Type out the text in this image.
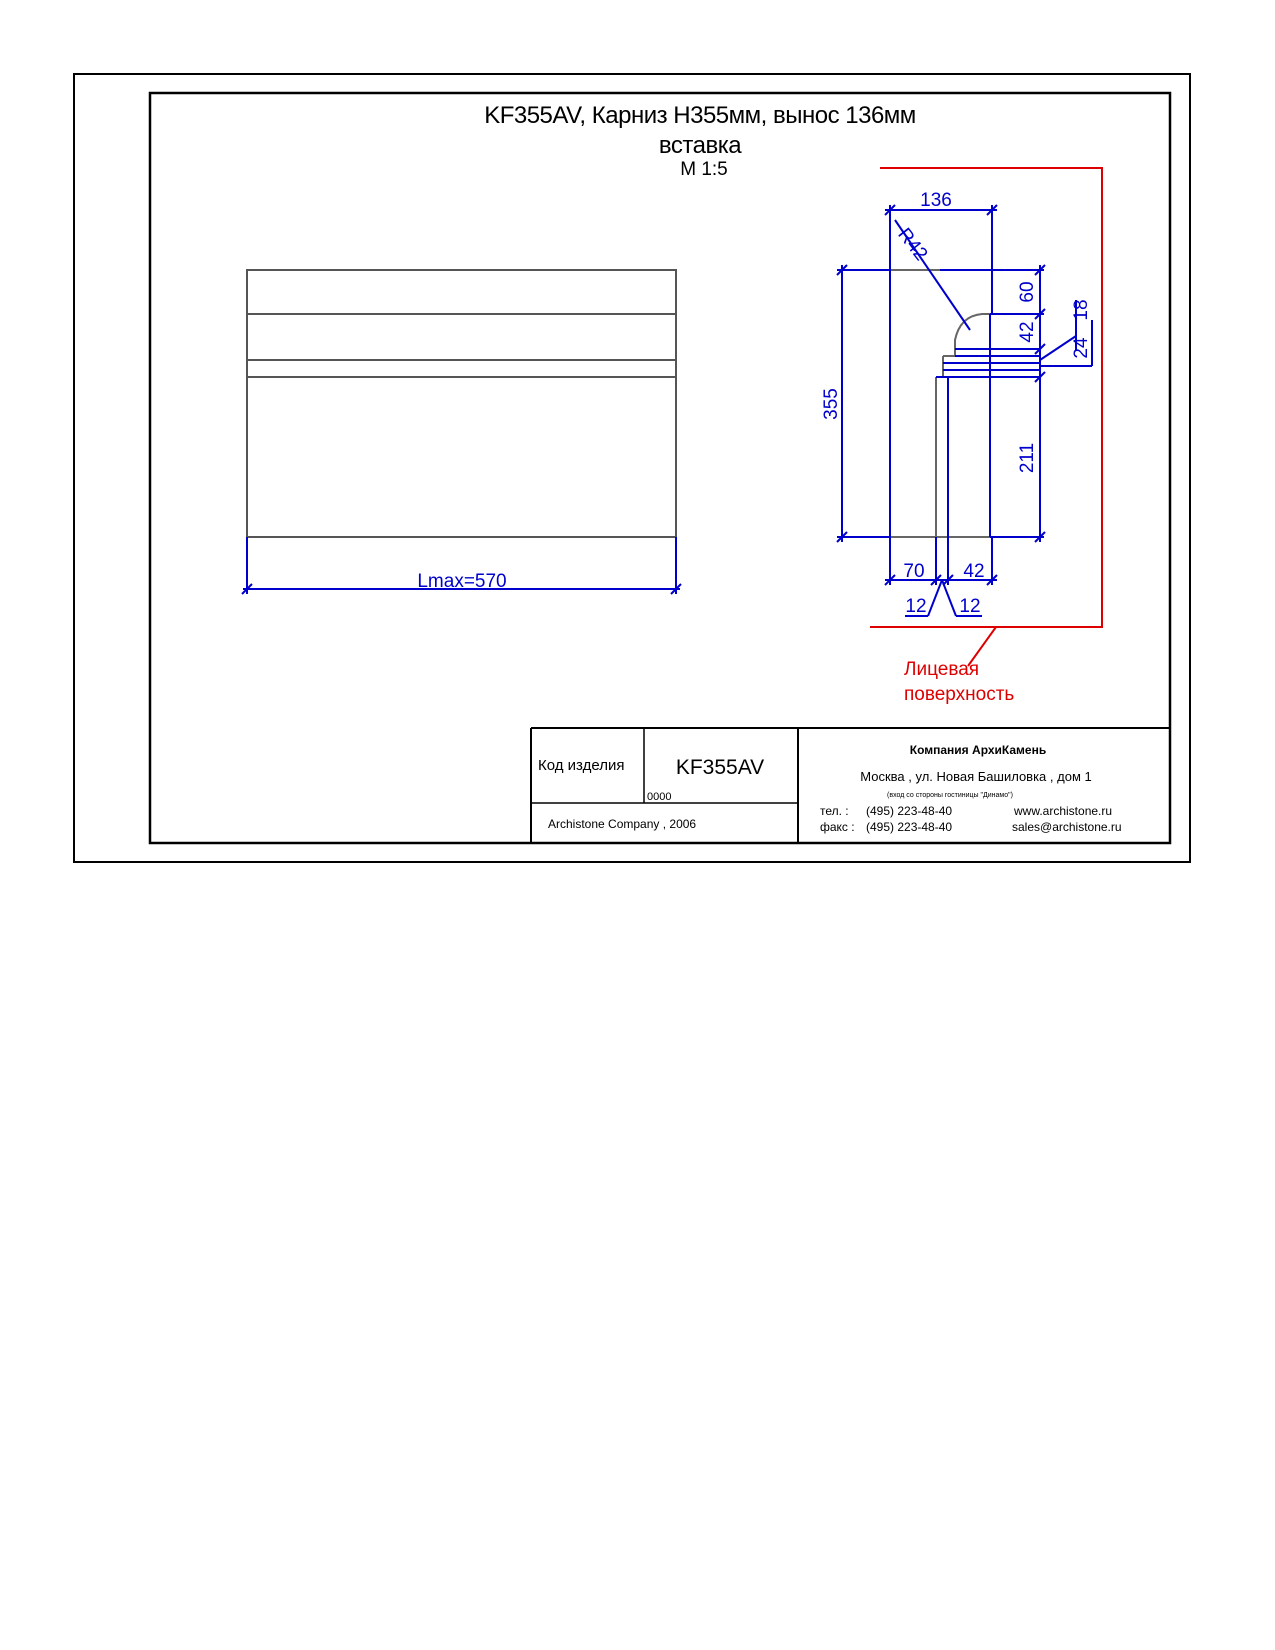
KF355AV, Карниз H355мм, вынос 136мм
вставка
М 1:5
Lmax=570
136
R42
355
60
42
18
24
211
70 42
12 12
Лицевая
поверхность
Код изделия KF355AV
0000
Archistone Company , 2006
Компания АрхиКамень
Москва , ул. Новая Башиловка , дом 1
(вход со стороны гостиницы "Динамо")
тел. : (495) 223-48-40
факс : (495) 223-48-40
www.archistone.ru
sales@archistone.ru
